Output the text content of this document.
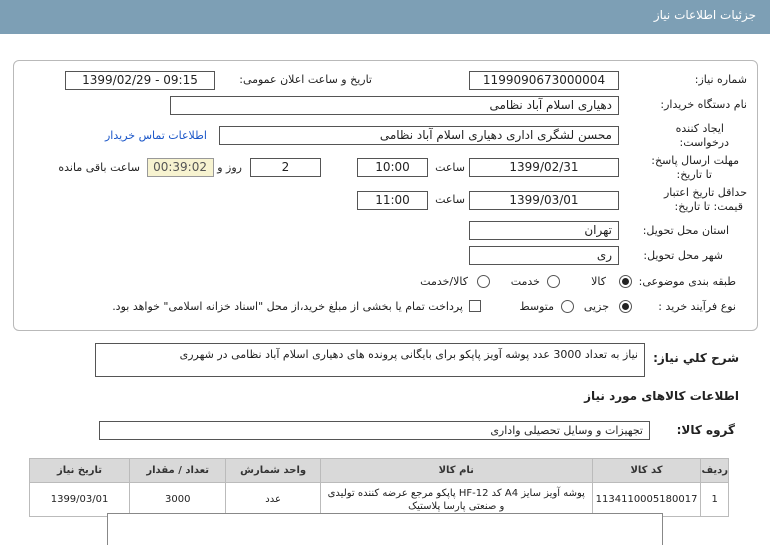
جزئیات اطلاعات نیاز
شماره نیاز:
1199090673000004
تاریخ و ساعت اعلان عمومی:
1399/02/29 - 09:15
نام دستگاه خریدار:
دهیاری اسلام آباد نظامی
ایجاد کننده
درخواست:
محسن لشگری اداری دهیاری اسلام آباد نظامی
اطلاعات تماس خریدار
مهلت ارسال پاسخ:
تا تاریخ:
1399/02/31
ساعت
10:00
2
روز و
00:39:02
ساعت باقی مانده
حداقل تاریخ اعتبار
قیمت: تا تاریخ:
1399/03/01
ساعت
11:00
استان محل تحویل:
تهران
شهر محل تحویل:
ری
طبقه بندی موضوعی:
کالا
خدمت
کالا/خدمت
نوع فرآیند خرید :
جزیی
متوسط
پرداخت تمام یا بخشی از مبلغ خرید،از محل "اسناد خزانه اسلامی" خواهد بود.
شرح کلي نياز:
نیاز به تعداد 3000 عدد پوشه آویز پاپکو برای بایگانی پرونده های دهیاری اسلام آباد نظامی در شهرری
اطلاعات کالاهای مورد نیاز
گروه کالا:
تجهیزات و وسایل تحصیلی واداری
ردیف	کد کالا	نام کالا	واحد شمارش	تعداد / مقدار	تاریخ نیاز
1	1134110005180017	پوشه آویز سایز A4 کد HF-12 پاپکو مرجع عرضه کننده تولیدی و صنعتی پارسا پلاستیک	عدد	3000	1399/03/01
